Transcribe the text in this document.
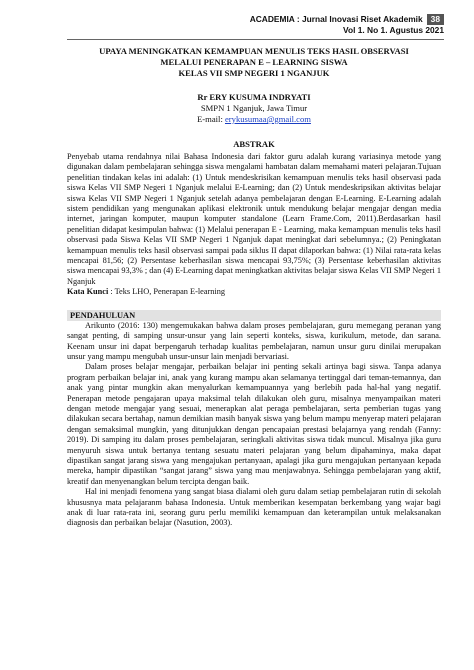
ACADEMIA : Jurnal Inovasi Riset Akademik 38
Vol 1. No 1. Agustus 2021
UPAYA MENINGKATKAN KEMAMPUAN MENULIS TEKS HASIL OBSERVASI
MELALUI PENERAPAN E – LEARNING SISWA
KELAS VII SMP NEGERI 1 NGANJUK
Rr ERY KUSUMA INDRYATI
SMPN 1 Nganjuk, Jawa Timur
E-mail: erykusumaa@gmail.com
ABSTRAK

Penyebab utama rendahnya nilai Bahasa Indonesia dari faktor guru adalah kurang variasinya metode yang digunakan dalam pembelajaran sehingga siswa mengalami hambatan dalam memahami materi pelajaran.Tujuan penelitian tindakan kelas ini adalah: (1) Untuk mendeskrisikan kemampuan menulis teks hasil observasi pada siswa Kelas VII SMP Negeri 1 Nganjuk melalui E-Learning; dan (2) Untuk mendeskripsikan aktivitas belajar siswa Kelas VII SMP Negeri 1 Nganjuk setelah adanya pembelajaran dengan E-Learning. E-Learning adalah sistem pendidikan yang mengunakan aplikasi elektronik untuk mendukung belajar mengajar dengan media internet, jaringan komputer, maupun komputer standalone (Learn Frame.Com, 2011).Berdasarkan hasil penelitian didapat kesimpulan bahwa: (1) Melalui penerapan E - Learning, maka kemampuan menulis teks hasil observasi pada Siswa Kelas VII SMP Negeri 1 Nganjuk dapat meningkat dari sebelumnya.; (2) Peningkatan kemampuan menulis teks hasil observasi sampai pada siklus II dapat dilaporkan bahwa: (1) Nilai rata-rata kelas mencapai 81,56; (2) Persentase keberhasilan siswa mencapai 93,75%; (3) Persentase keberhasilan aktivitas siswa mencapai 93,3% ; dan (4) E-Learning dapat meningkatkan aktivitas belajar siswa Kelas VII SMP Negeri 1 Nganjuk

Kata Kunci : Teks LHO, Penerapan E-learning
PENDAHULUAN

Arikunto (2016: 130) mengemukakan bahwa dalam proses pembelajaran, guru memegang peranan yang sangat penting, di samping unsur-unsur yang lain seperti konteks, siswa, kurikulum, metode, dan sarana. Keenam unsur ini dapat berpengaruh terhadap kualitas pembelajaran, namun unsur guru dinilai merupakan unsur yang mampu mengubah unsur-unsur lain menjadi bervariasi.

Dalam proses belajar mengajar, perbaikan belajar ini penting sekali artinya bagi siswa. Tanpa adanya program perbaikan belajar ini, anak yang kurang mampu akan selamanya tertinggal dari teman-temannya, dan anak yang pintar mungkin akan menyalurkan kemampuannya yang berlebih pada hal-hal yang negatif. Penerapan metode pengajaran upaya maksimal telah dilakukan oleh guru, misalnya menyampaikan materi dengan metode mengajar yang sesuai, menerapkan alat peraga pembelajaran, serta pemberian tugas yang dilakukan secara bertahap, namun demikian masih banyak siswa yang belum mampu menyerap materi pelajaran dengan semaksimal mungkin, yang ditunjukkan dengan pencapaian prestasi belajarnya yang rendah (Fanny: 2019). Di samping itu dalam proses pembelajaran, seringkali aktivitas siswa tidak muncul. Misalnya jika guru menyuruh siswa untuk bertanya tentang sesuatu materi pelajaran yang belum dipahaminya, maka dapat dipastikan sangat jarang siswa yang mengajukan pertanyaan, apalagi jika guru mengajukan pertanyaan kepada mereka, hampir dipastikan “sangat jarang” siswa yang mau menjawabnya. Sehingga pembelajaran yang aktif, kreatif dan menyenangkan belum tercipta dengan baik.

Hal ini menjadi fenomena yang sangat biasa dialami oleh guru dalam setiap pembelajaran rutin di sekolah khususnya mata pelajaranm bahasa Indonesia. Untuk memberikan kesempatan berkembang yang wajar bagi anak di luar rata-rata ini, seorang guru perlu memiliki kemampuan dan keterampilan untuk melaksanakan diagnosis dan perbaikan belajar (Nasution, 2003).
